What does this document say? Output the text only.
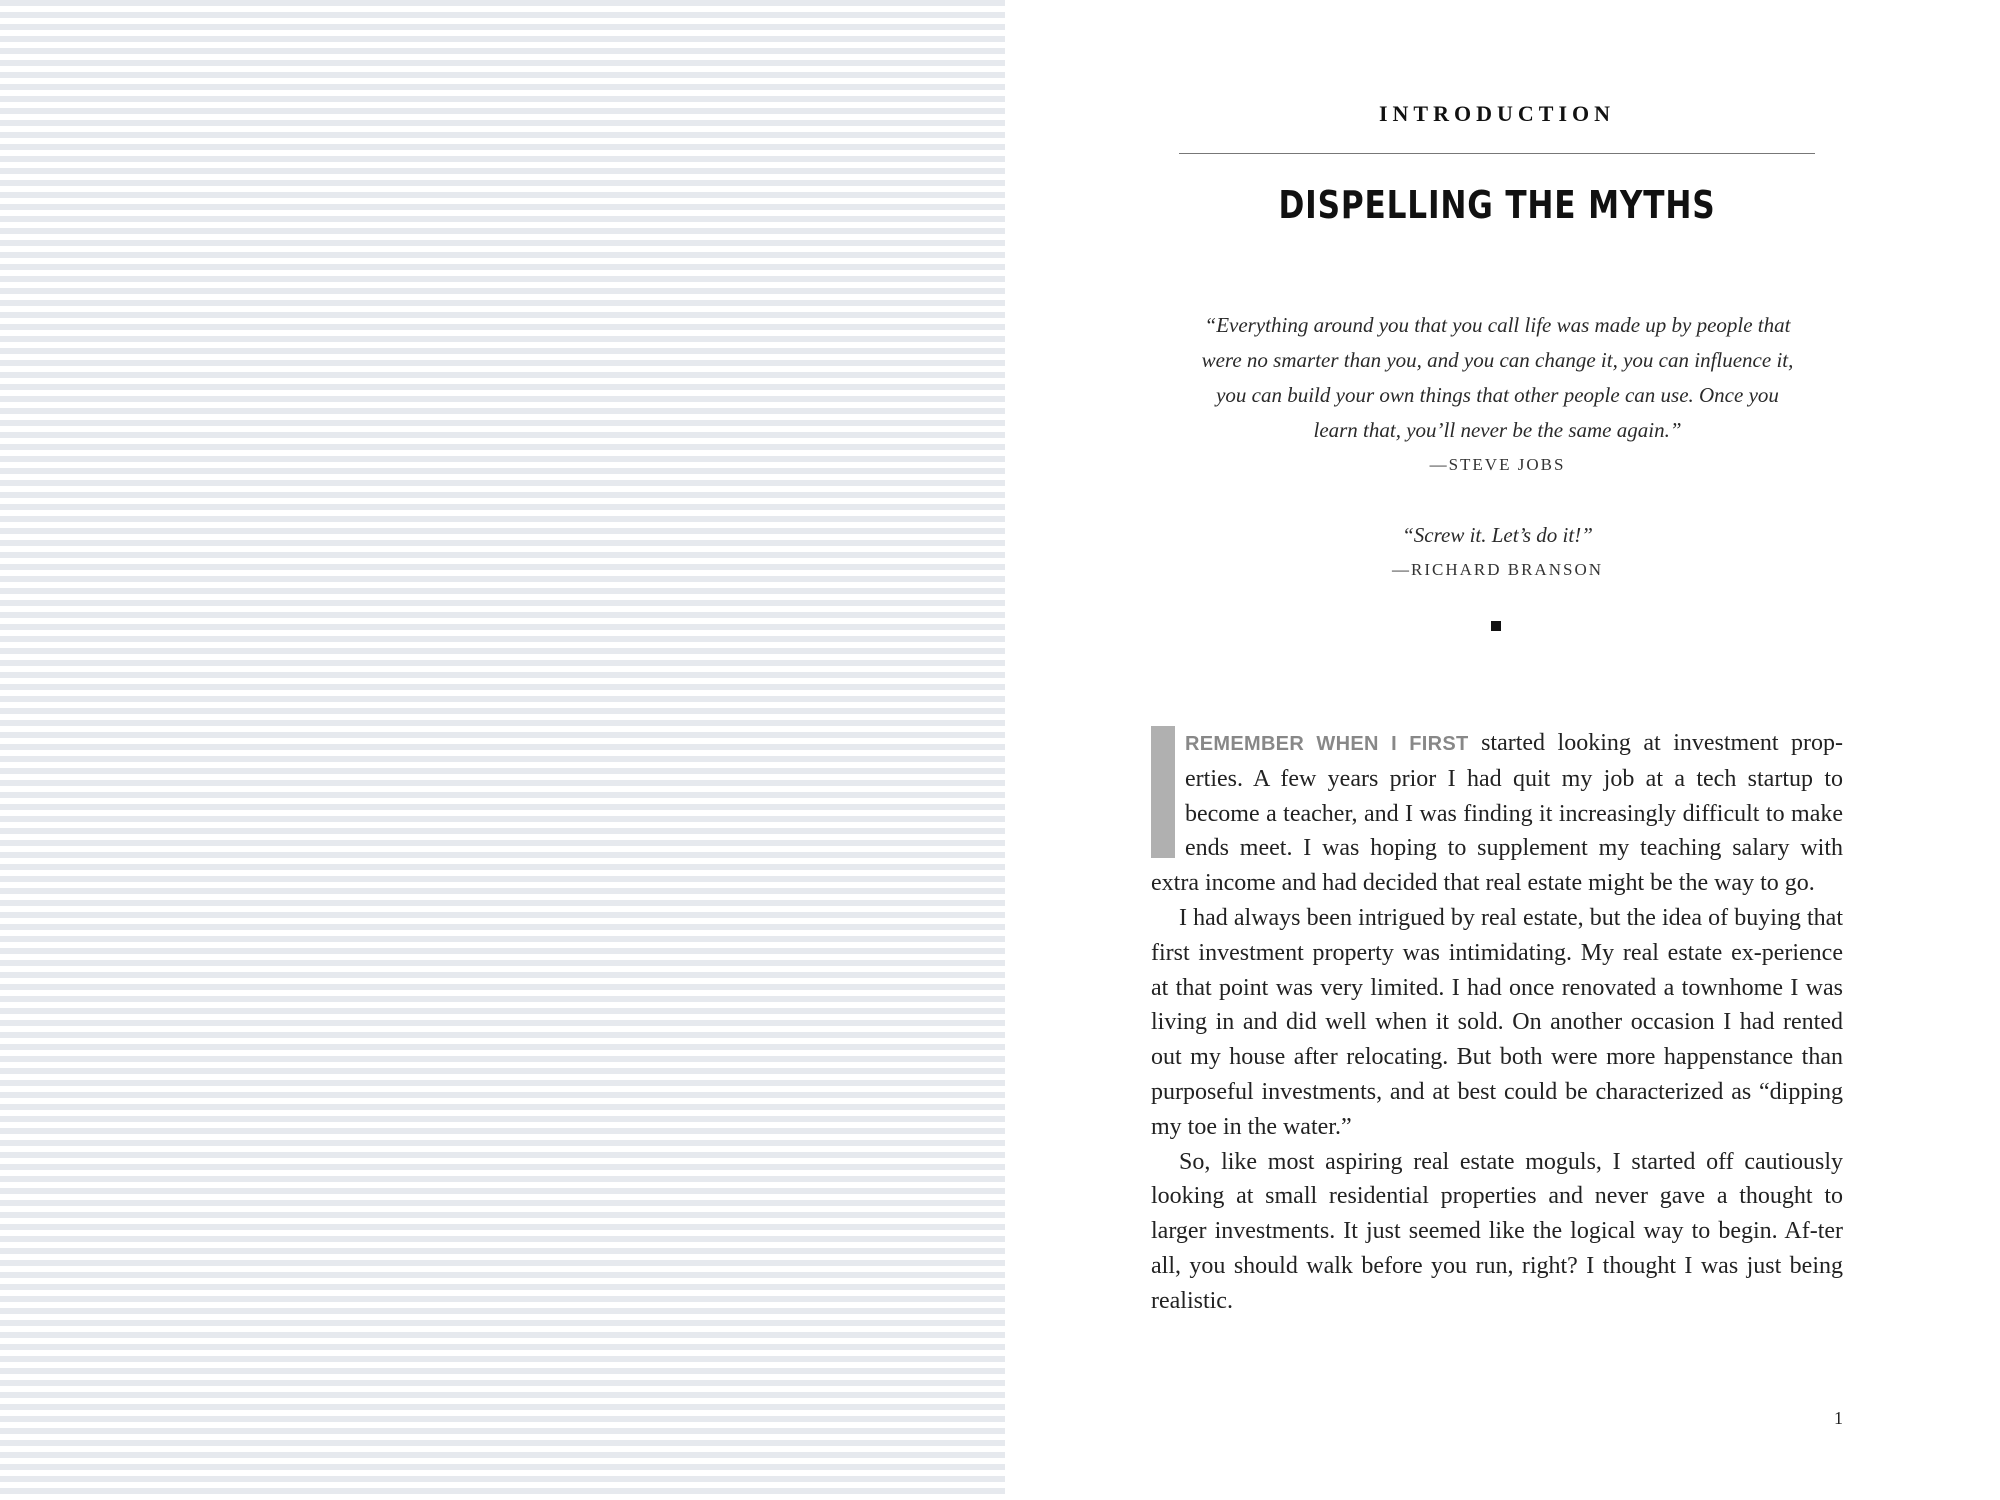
INTRODUCTION
DISPELLING THE MYTHS
“Everything around you that you call life was made up by people that were no smarter than you, and you can change it, you can influence it, you can build your own things that other people can use. Once you learn that, you’ll never be the same again.”
—STEVE JOBS
“Screw it. Let’s do it!”
—RICHARD BRANSON

REMEMBER WHEN I FIRST started looking at investment prop-erties. A few years prior I had quit my job at a tech startup to become a teacher, and I was finding it increasingly difficult to make ends meet. I was hoping to supplement my teaching salary with extra income and had decided that real estate might be the way to go.

I had always been intrigued by real estate, but the idea of buying that first investment property was intimidating. My real estate ex-perience at that point was very limited. I had once renovated a townhome I was living in and did well when it sold. On another occasion I had rented out my house after relocating. But both were more happenstance than purposeful investments, and at best could be characterized as “dipping my toe in the water.”

So, like most aspiring real estate moguls, I started off cautiously looking at small residential properties and never gave a thought to larger investments. It just seemed like the logical way to begin. Af-ter all, you should walk before you run, right? I thought I was just being realistic.

1
